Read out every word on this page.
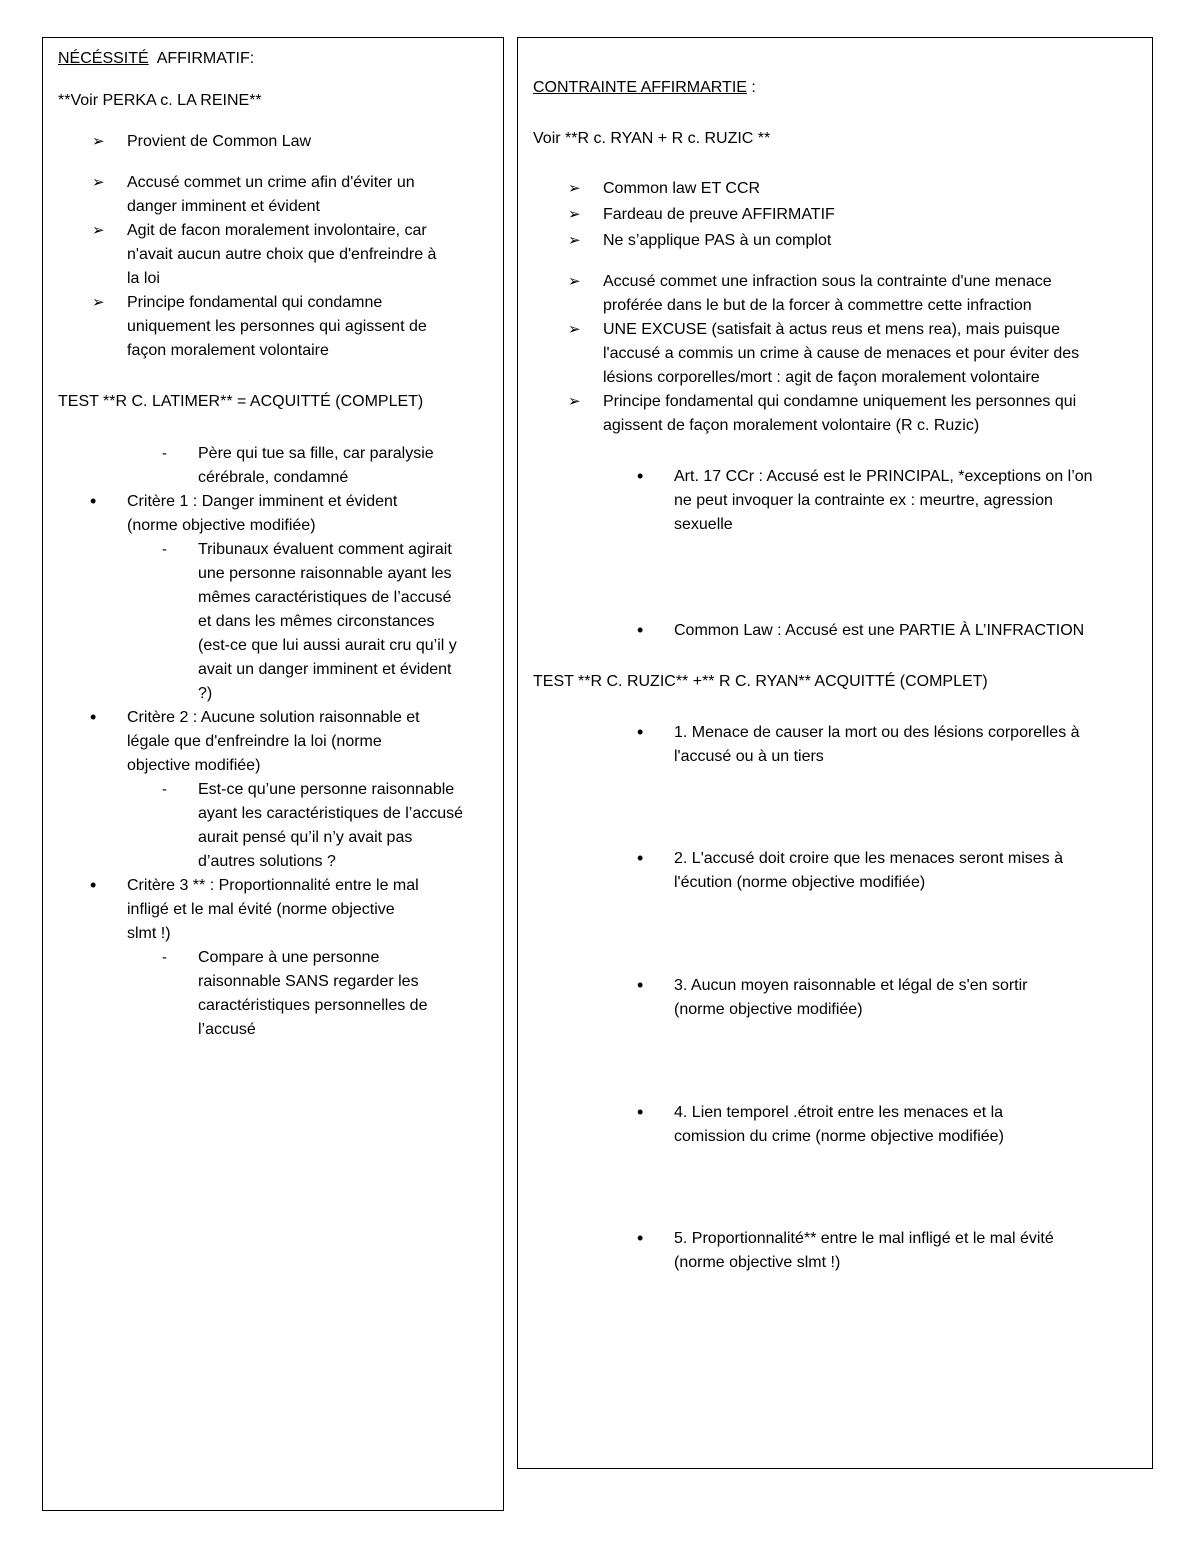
NÉCÉSSITÉ  AFFIRMATIF:
**Voir PERKA c. LA REINE**
➢ Provient de Common Law
➢ Accusé commet un crime afin d'éviter un
danger imminent et évident
➢ Agit de facon moralement involontaire, car
n'avait aucun autre choix que d'enfreindre à
la loi
➢ Principe fondamental qui condamne
uniquement les personnes qui agissent de
façon moralement volontaire
TEST **R C. LATIMER** = ACQUITTÉ (COMPLET)
- Père qui tue sa fille, car paralysie
cérébrale, condamné
• Critère 1 : Danger imminent et évident
(norme objective modifiée)
- Tribunaux évaluent comment agirait
une personne raisonnable ayant les
mêmes caractéristiques de l’accusé
et dans les mêmes circonstances
(est-ce que lui aussi aurait cru qu’il y
avait un danger imminent et évident
?)
• Critère 2 : Aucune solution raisonnable et
légale que d'enfreindre la loi (norme
objective modifiée)
- Est-ce qu’une personne raisonnable
ayant les caractéristiques de l’accusé
aurait pensé qu’il n’y avait pas
d’autres solutions ?
• Critère 3 ** : Proportionnalité entre le mal
infligé et le mal évité (norme objective
slmt !)
- Compare à une personne
raisonnable SANS regarder les
caractéristiques personnelles de
l’accusé
CONTRAINTE AFFIRMARTIE :
Voir **R c. RYAN + R c. RUZIC **
➢ Common law ET CCR
➢ Fardeau de preuve AFFIRMATIF
➢ Ne s’applique PAS à un complot
➢ Accusé commet une infraction sous la contrainte d'une menace
proférée dans le but de la forcer à commettre cette infraction
➢ UNE EXCUSE (satisfait à actus reus et mens rea), mais puisque
l'accusé a commis un crime à cause de menaces et pour éviter des
lésions corporelles/mort : agit de façon moralement volontaire
➢ Principe fondamental qui condamne uniquement les personnes qui
agissent de façon moralement volontaire (R c. Ruzic)
• Art. 17 CCr : Accusé est le PRINCIPAL, *exceptions on l’on
ne peut invoquer la contrainte ex : meurtre, agression
sexuelle
• Common Law : Accusé est une PARTIE À L’INFRACTION
TEST **R C. RUZIC** +** R C. RYAN** ACQUITTÉ (COMPLET)
• 1. Menace de causer la mort ou des lésions corporelles à
l'accusé ou à un tiers
• 2. L'accusé doit croire que les menaces seront mises à
l'écution (norme objective modifiée)
• 3. Aucun moyen raisonnable et légal de s'en sortir
(norme objective modifiée)
• 4. Lien temporel .étroit entre les menaces et la
comission du crime (norme objective modifiée)
• 5. Proportionnalité** entre le mal infligé et le mal évité
(norme objective slmt !)
